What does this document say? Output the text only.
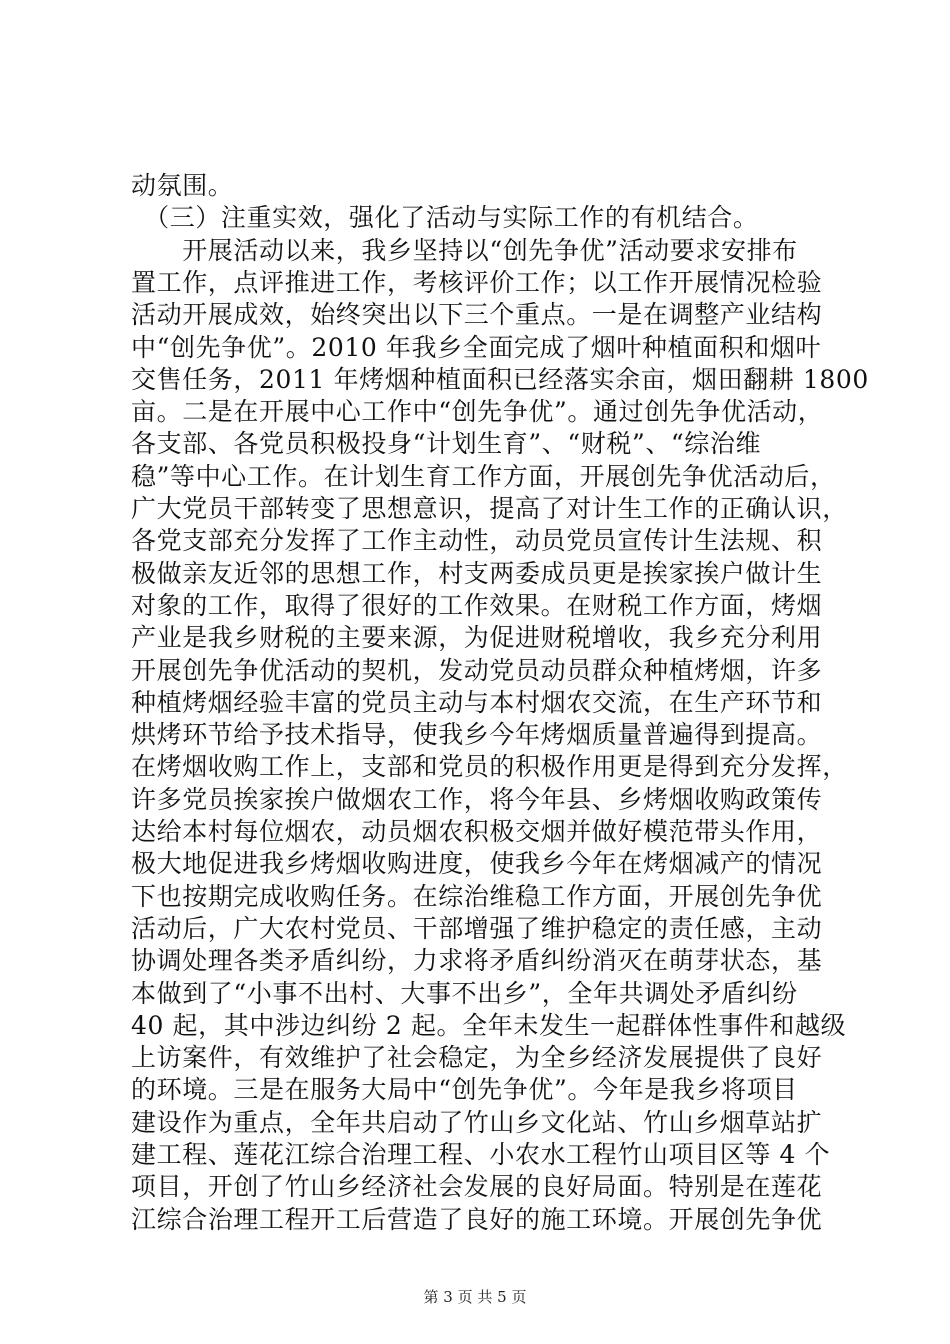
动氛围。
　（三）注重实效，强化了活动与实际工作的有机结合。
　　开展活动以来，我乡坚持以“创先争优”活动要求安排布
置工作，点评推进工作，考核评价工作；以工作开展情况检验
活动开展成效，始终突出以下三个重点。一是在调整产业结构
中“创先争优”。2010 年我乡全面完成了烟叶种植面积和烟叶
交售任务，2011 年烤烟种植面积已经落实余亩，烟田翻耕 1800
亩。二是在开展中心工作中“创先争优”。通过创先争优活动，
各支部、各党员积极投身“计划生育”、“财税”、“综治维
稳”等中心工作。在计划生育工作方面，开展创先争优活动后，
广大党员干部转变了思想意识，提高了对计生工作的正确认识，
各党支部充分发挥了工作主动性，动员党员宣传计生法规、积
极做亲友近邻的思想工作，村支两委成员更是挨家挨户做计生
对象的工作，取得了很好的工作效果。在财税工作方面，烤烟
产业是我乡财税的主要来源，为促进财税增收，我乡充分利用
开展创先争优活动的契机，发动党员动员群众种植烤烟，许多
种植烤烟经验丰富的党员主动与本村烟农交流，在生产环节和
烘烤环节给予技术指导，使我乡今年烤烟质量普遍得到提高。
在烤烟收购工作上，支部和党员的积极作用更是得到充分发挥，
许多党员挨家挨户做烟农工作，将今年县、乡烤烟收购政策传
达给本村每位烟农，动员烟农积极交烟并做好模范带头作用，
极大地促进我乡烤烟收购进度，使我乡今年在烤烟减产的情况
下也按期完成收购任务。在综治维稳工作方面，开展创先争优
活动后，广大农村党员、干部增强了维护稳定的责任感，主动
协调处理各类矛盾纠纷，力求将矛盾纠纷消灭在萌芽状态，基
本做到了“小事不出村、大事不出乡”，全年共调处矛盾纠纷
40 起，其中涉边纠纷 2 起。全年未发生一起群体性事件和越级
上访案件，有效维护了社会稳定，为全乡经济发展提供了良好
的环境。三是在服务大局中“创先争优”。今年是我乡将项目
建设作为重点，全年共启动了竹山乡文化站、竹山乡烟草站扩
建工程、莲花江综合治理工程、小农水工程竹山项目区等 4 个
项目，开创了竹山乡经济社会发展的良好局面。特别是在莲花
江综合治理工程开工后营造了良好的施工环境。开展创先争优
第 3 页 共 5 页
